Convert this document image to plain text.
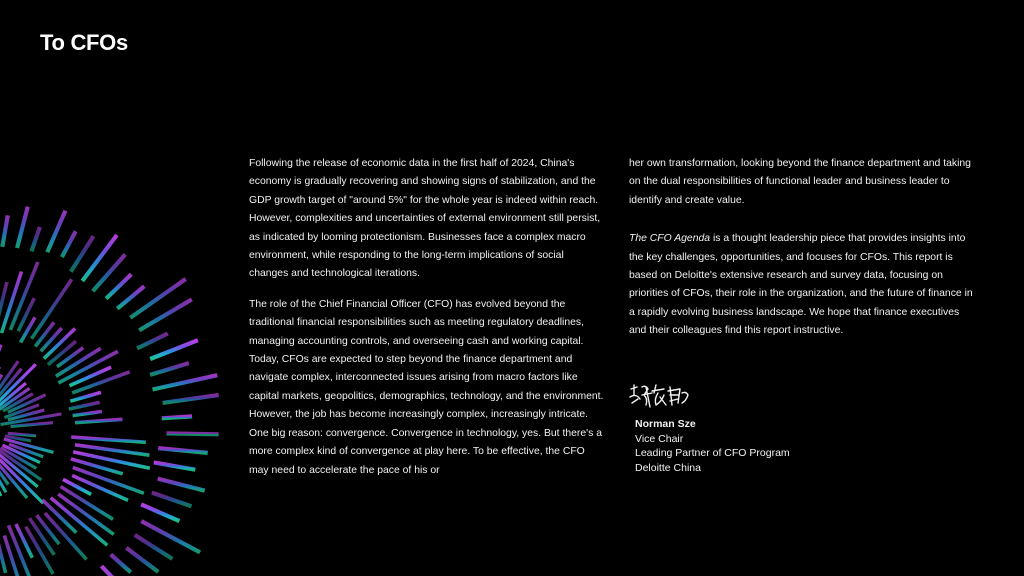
To CFOs

Following the release of economic data in the first half of 2024, China's economy is gradually recovering and showing signs of stabilization, and the GDP growth target of "around 5%" for the whole year is indeed within reach. However, complexities and uncertainties of external environment still persist, as indicated by looming protectionism. Businesses face a complex macro environment, while responding to the long-term implications of social changes and technological iterations.

The role of the Chief Financial Officer (CFO) has evolved beyond the traditional financial responsibilities such as meeting regulatory deadlines, managing accounting controls, and overseeing cash and working capital. Today, CFOs are expected to step beyond the finance department and navigate complex, interconnected issues arising from macro factors like capital markets, geopolitics, demographics, technology, and the environment. However, the job has become increasingly complex, increasingly intricate. One big reason: convergence. Convergence in technology, yes. But there's a more complex kind of convergence at play here. To be effective, the CFO may need to accelerate the pace of his or

her own transformation, looking beyond the finance department and taking on the dual responsibilities of functional leader and business leader to identify and create value.

The CFO Agenda is a thought leadership piece that provides insights into the key challenges, opportunities, and focuses for CFOs. This report is based on Deloitte's extensive research and survey data, focusing on priorities of CFOs, their role in the organization, and the future of finance in a rapidly evolving business landscape. We hope that finance executives and their colleagues find this report instructive.

Norman Sze
Vice Chair
Leading Partner of CFO Program
Deloitte China
